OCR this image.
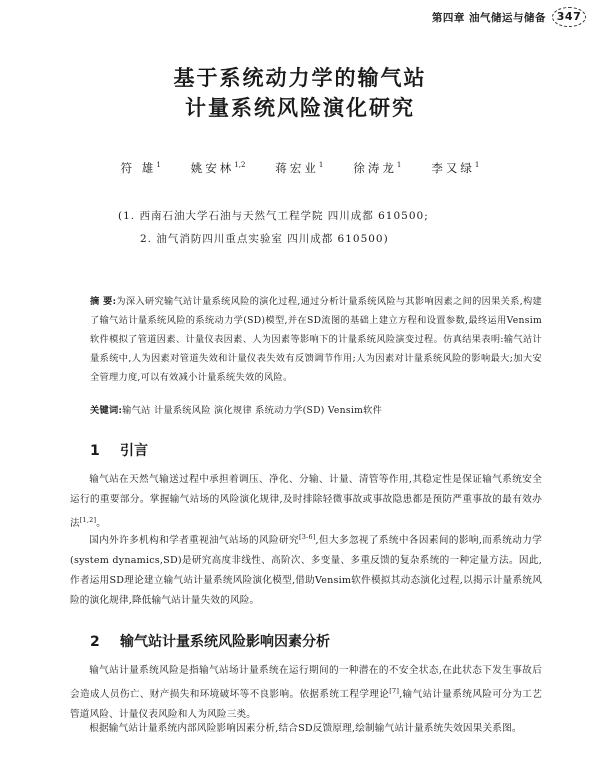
第四章 油气储运与储备 347
基于系统动力学的输气站
计量系统风险演化研究
符 雄$^1$	姚安林$^{1,2}$	蒋宏业$^1$	徐涛龙$^1$	李又绿$^1$
(1. 西南石油大学石油与天然气工程学院 四川成都 610500;
2. 油气消防四川重点实验室 四川成都 610500)
摘 要:为深入研究输气站计量系统风险的演化过程,通过分析计量系统风险与其影响因素之间的因果关系,构建了输气站计量系统风险的系统动力学(SD)模型,并在SD流图的基础上建立方程和设置参数,最终运用Vensim软件模拟了管道因素、计量仪表因素、人为因素等影响下的计量系统风险演变过程。仿真结果表明:输气站计量系统中,人为因素对管道失效和计量仪表失效有反馈调节作用;人为因素对计量系统风险的影响最大;加大安全管理力度,可以有效减小计量系统失效的风险。
关键词:输气站 计量系统风险 演化规律 系统动力学(SD) Vensim软件
1 引言
输气站在天然气输送过程中承担着调压、净化、分输、计量、清管等作用,其稳定性是保证输气系统安全运行的重要部分。掌握输气站场的风险演化规律,及时排除轻微事故或事故隐患都是预防严重事故的最有效办法[1,2]。
国内外许多机构和学者重视油气站场的风险研究[3-6],但大多忽视了系统中各因素间的影响,而系统动力学(system dynamics,SD)是研究高度非线性、高阶次、多变量、多重反馈的复杂系统的一种定量方法。因此,作者运用SD理论建立输气站计量系统风险演化模型,借助Vensim软件模拟其动态演化过程,以揭示计量系统风险的演化规律,降低输气站计量失效的风险。
2 输气站计量系统风险影响因素分析
输气站计量系统风险是指输气站场计量系统在运行期间的一种潜在的不安全状态,在此状态下发生事故后会造成人员伤亡、财产损失和环境破坏等不良影响。依据系统工程学理论[7],输气站计量系统风险可分为工艺管道风险、计量仪表风险和人为风险三类。
根据输气站计量系统内部风险影响因素分析,结合SD反馈原理,绘制输气站计量系统失效因果关系图。
